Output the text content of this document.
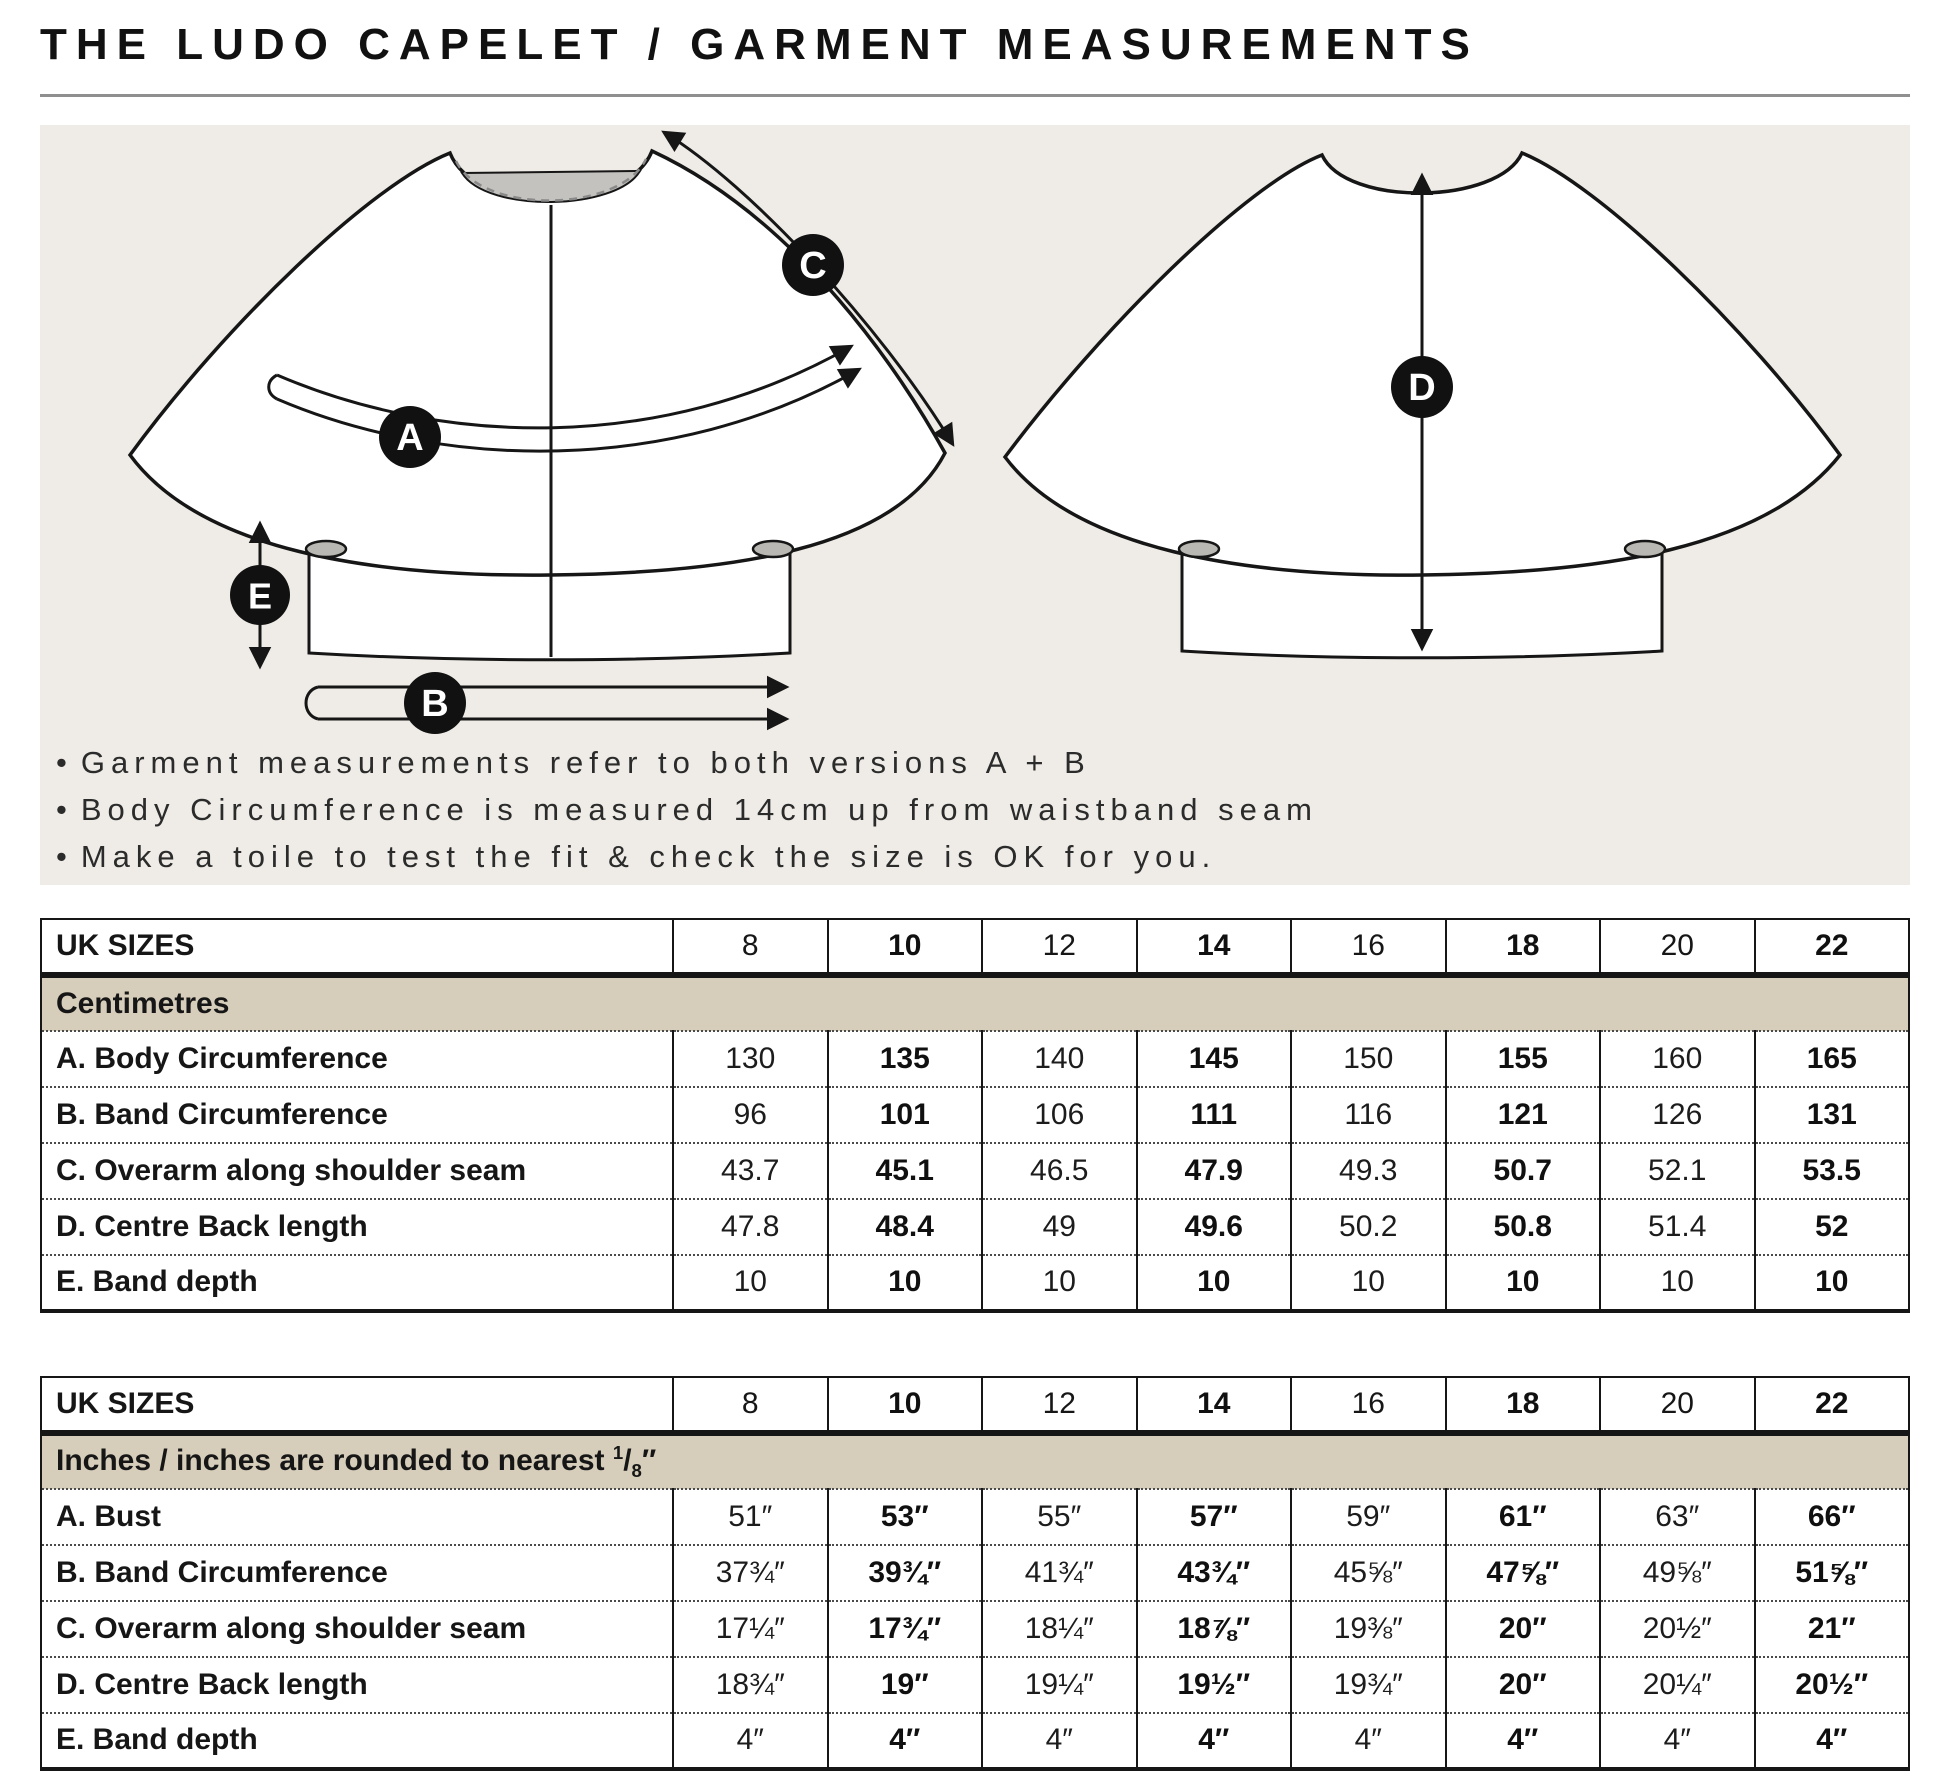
THE LUDO CAPELET / GARMENT MEASUREMENTS
A
C
E
B
D
• Garment measurements refer to both versions A + B
• Body Circumference is measured 14cm up from waistband seam
• Make a toile to test the fit & check the size is OK for you.
UK SIZES	8	10	12	14	16	18	20	22
Centimetres								
A. Body Circumference	130	135	140	145	150	155	160	165
B. Band Circumference	96	101	106	111	116	121	126	131
C. Overarm along shoulder seam	43.7	45.1	46.5	47.9	49.3	50.7	52.1	53.5
D. Centre Back length	47.8	48.4	49	49.6	50.2	50.8	51.4	52
E. Band depth	10	10	10	10	10	10	10	10
UK SIZES	8	10	12	14	16	18	20	22
Inches / inches are rounded to nearest $^1/_8''$								
A. Bust	51″	53″	55″	57″	59″	61″	63″	66″
B. Band Circumference	37¾″	39¾″	41¾″	43¾″	45⅝″	47⅝″	49⅝″	51⅝″
C. Overarm along shoulder seam	17¼″	17¾″	18¼″	18⅞″	19⅜″	20″	20½″	21″
D. Centre Back length	18¾″	19″	19¼″	19½″	19¾″	20″	20¼″	20½″
E. Band depth	4″	4″	4″	4″	4″	4″	4″	4″
